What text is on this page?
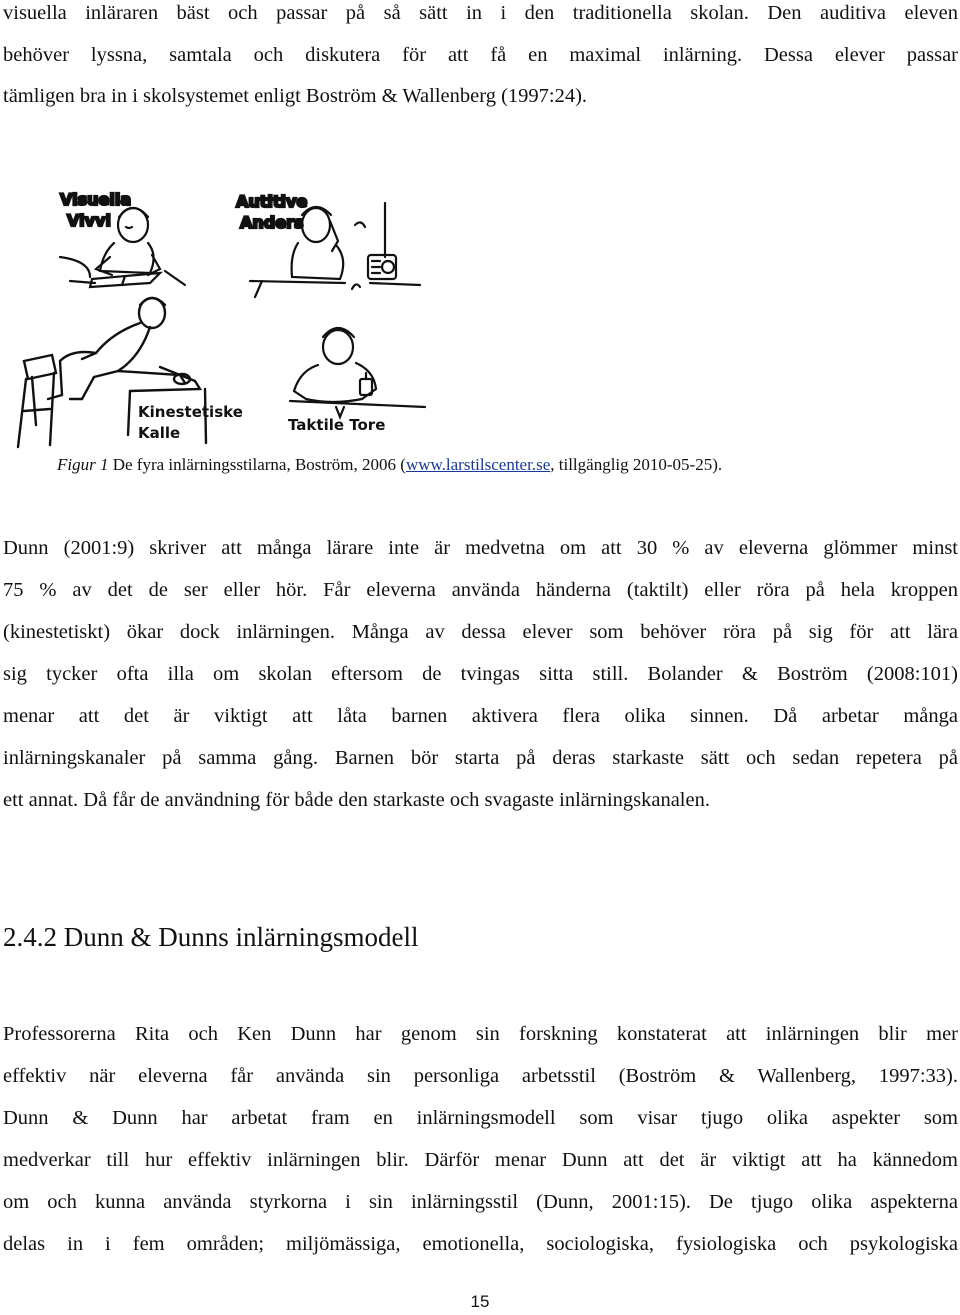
visuella inläraren bäst och passar på så sätt in i den traditionella skolan. Den auditiva eleven
behöver lyssna, samtala och diskutera för att få en maximal inlärning. Dessa elever passar
tämligen bra in i skolsystemet enligt Boström & Wallenberg (1997:24).
Visuella
Vivvi
Autitive
Anders
Kinestetiske
Kalle	Taktile Tore
Figur 1 De fyra inlärningsstilarna, Boström, 2006 (www.larstilscenter.se, tillgänglig 2010-05-25).
Dunn (2001:9) skriver att många lärare inte är medvetna om att 30 % av eleverna glömmer minst
75 % av det de ser eller hör. Får eleverna använda händerna (taktilt) eller röra på hela kroppen
(kinestetiskt) ökar dock inlärningen. Många av dessa elever som behöver röra på sig för att lära
sig tycker ofta illa om skolan eftersom de tvingas sitta still. Bolander & Boström (2008:101)
menar att det är viktigt att låta barnen aktivera flera olika sinnen. Då arbetar många
inlärningskanaler på samma gång. Barnen bör starta på deras starkaste sätt och sedan repetera på
ett annat. Då får de användning för både den starkaste och svagaste inlärningskanalen.
2.4.2 Dunn & Dunns inlärningsmodell
Professorerna Rita och Ken Dunn har genom sin forskning konstaterat att inlärningen blir mer
effektiv när eleverna får använda sin personliga arbetsstil (Boström & Wallenberg, 1997:33).
Dunn & Dunn har arbetat fram en inlärningsmodell som visar tjugo olika aspekter som
medverkar till hur effektiv inlärningen blir. Därför menar Dunn att det är viktigt att ha kännedom
om och kunna använda styrkorna i sin inlärningsstil (Dunn, 2001:15). De tjugo olika aspekterna
delas in i fem områden; miljömässiga, emotionella, sociologiska, fysiologiska och psykologiska
15
